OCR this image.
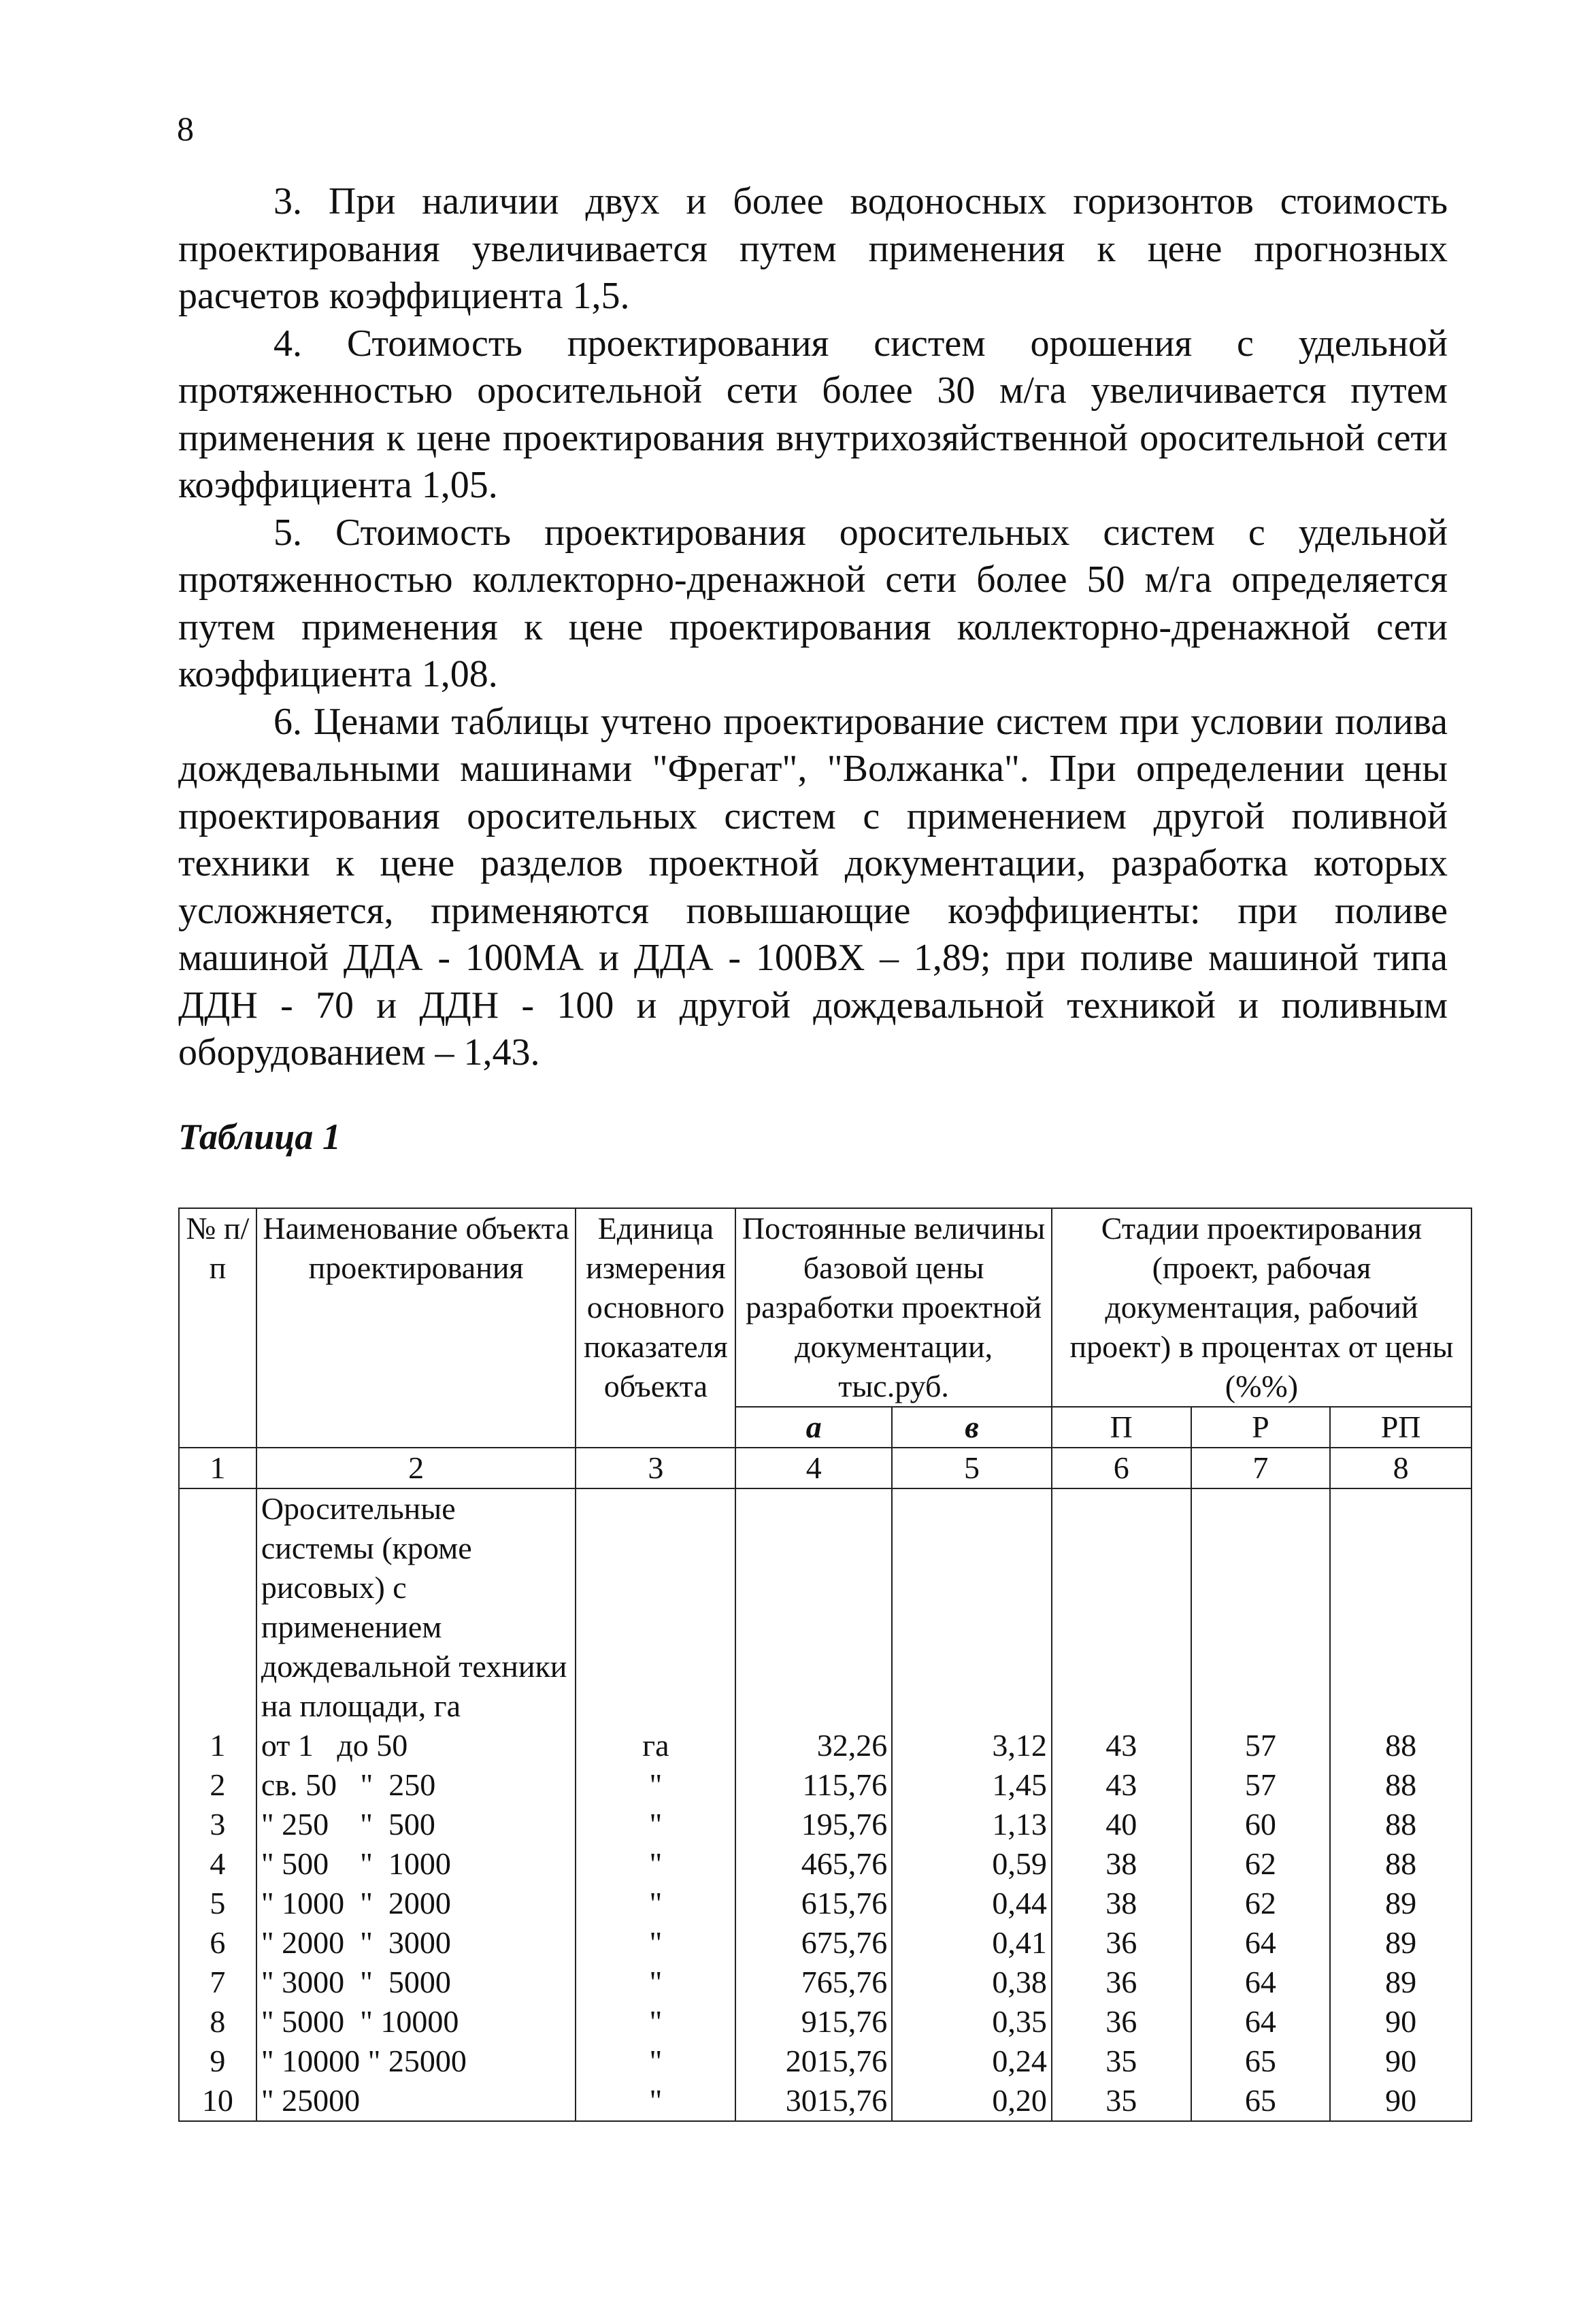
8

3. При наличии двух и более водоносных горизонтов стоимость проектирования увеличивается путем применения к цене прогнозных расчетов коэффициента 1,5.

4. Стоимость проектирования систем орошения с удельной протяженностью оросительной сети более 30 м/га увеличивается путем применения к цене проектирования внутрихозяйственной оросительной сети коэффициента 1,05.

5. Стоимость проектирования оросительных систем с удельной протяженностью коллекторно-дренажной сети более 50 м/га определяется путем применения к цене проектирования коллекторно-дренажной сети коэффициента 1,08.

6. Ценами таблицы учтено проектирование систем при условии полива дождевальными машинами "Фрегат", "Волжанка". При определении цены проектирования оросительных систем с применением другой поливной техники к цене разделов проектной документации, разработка которых усложняется, применяются повышающие коэффициенты: при поливе машиной ДДА - 100МА и ДДА - 100ВХ – 1,89; при поливе машиной типа ДДН - 70 и ДДН - 100 и другой дождевальной техникой и поливным оборудованием – 1,43.

Таблица 1
№ п/п	Наименование объекта проектирования	Единица измерения основного показателя объекта	Постоянные величины базовой цены разработки проектной документации, тыс.руб.		Стадии проектирования (проект, рабочая документация, рабочий проект) в процентах от цены (%%)		
			а	в	П	Р	РП
1	2	3	4	5	6	7	8
	Оросительные системы (кроме рисовых) с применением дождевальной техники на площади, га						
1	от 1   до 50	га	32,26	3,12	43	57	88
2	св. 50   "  250	"	115,76	1,45	43	57	88
3	" 250    "  500	"	195,76	1,13	40	60	88
4	" 500    "  1000	"	465,76	0,59	38	62	88
5	" 1000  "  2000	"	615,76	0,44	38	62	89
6	" 2000  "  3000	"	675,76	0,41	36	64	89
7	" 3000  "  5000	"	765,76	0,38	36	64	89
8	" 5000  " 10000	"	915,76	0,35	36	64	90
9	" 10000 " 25000	"	2015,76	0,24	35	65	90
10	" 25000	"	3015,76	0,20	35	65	90
